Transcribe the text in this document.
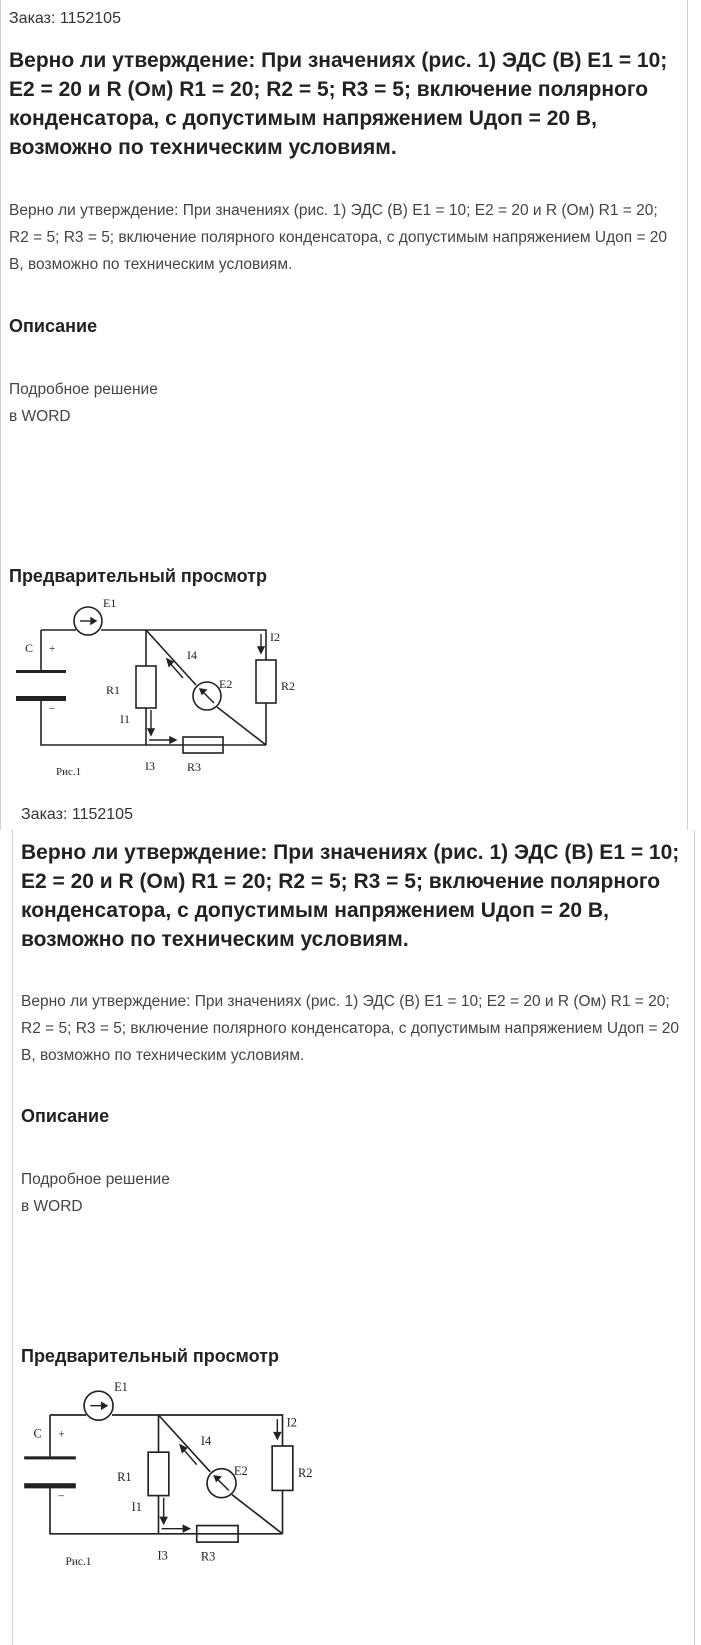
Заказ: 1152105
Верно ли утверждение: При значениях (рис. 1) ЭДС (В) E1 = 10; E2 = 20 и R (Ом) R1 = 20; R2 = 5; R3 = 5; включение полярного конденсатора, с допустимым напряжением Uдоп = 20 В, возможно по техническим условиям.
Верно ли утверждение: При значениях (рис. 1) ЭДС (В) E1 = 10; E2 = 20 и R (Ом) R1 = 20; R2 = 5; R3 = 5; включение полярного конденсатора, с допустимым напряжением Uдоп = 20 В, возможно по техническим условиям.
Описание
Подробное решение
в WORD
Предварительный просмотр
C +
–
E1
E2
R1	R2
R3
I1
I2
I3
I4
Рис.1
Заказ: 1152105
Верно ли утверждение: При значениях (рис. 1) ЭДС (В) E1 = 10; E2 = 20 и R (Ом) R1 = 20; R2 = 5; R3 = 5; включение полярного конденсатора, с допустимым напряжением Uдоп = 20 В, возможно по техническим условиям.
Верно ли утверждение: При значениях (рис. 1) ЭДС (В) E1 = 10; E2 = 20 и R (Ом) R1 = 20; R2 = 5; R3 = 5; включение полярного конденсатора, с допустимым напряжением Uдоп = 20 В, возможно по техническим условиям.
Описание
Подробное решение
в WORD
Предварительный просмотр
C +
–
E1
E2
R1	R2
R3
I1
I2
I3
I4
Рис.1
